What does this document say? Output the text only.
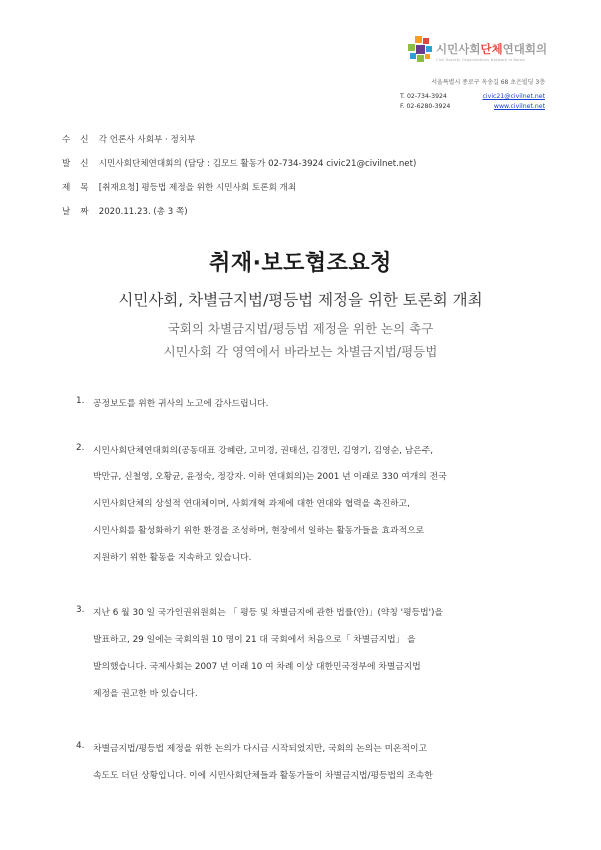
시민사회단체연대회의
Civil Society Organizations Network in Korea
서울특별시 종로구 옥송길 68 초은빌딩 3층
T. 02-734-3924
F. 02-6280-3924
civic21@civilnet.net
www.civilnet.net
수신 각 언론사 사회부 · 정치부
발신 시민사회단체연대회의 (담당 : 김모드 활동가 02-734-3924 civic21@civilnet.net)
제목 [취재요청] 평등법 제정을 위한 시민사회 토론회 개최
날짜 2020.11.23. (총 3 쪽)
취재·보도협조요청
시민사회, 차별금지법/평등법 제정을 위한 토론회 개최
국회의 차별금지법/평등법 제정을 위한 논의 촉구
시민사회 각 영역에서 바라보는 차별금지법/평등법
1. 공정보도를 위한 귀사의 노고에 감사드립니다.
2. 시민사회단체연대회의(공동대표 강혜란, 고미경, 권태선, 김경민, 김영기, 김영순, 남은주,
박만규, 신철영, 오황균, 윤정숙, 정강자. 이하 연대회의)는 2001 년 이래로 330 여개의 전국
시민사회단체의 상설적 연대체이며, 사회개혁 과제에 대한 연대와 협력을 촉진하고,
시민사회를 활성화하기 위한 환경을 조성하며, 현장에서 일하는 활동가들을 효과적으로
지원하기 위한 활동을 지속하고 있습니다.
3. 지난 6 월 30 일 국가인권위원회는 「 평등 및 차별금지에 관한 법률(안)」(약칭 '평등법')을
발표하고, 29 일에는 국회의원 10 명이 21 대 국회에서 처음으로「 차별금지법」 을
발의했습니다. 국제사회는 2007 년 이래 10 여 차례 이상 대한민국정부에 차별금지법
제정을 권고한 바 있습니다.
4. 차별금지법/평등법 제정을 위한 논의가 다시금 시작되었지만, 국회의 논의는 미온적이고
속도도 더딘 상황입니다. 이에 시민사회단체들과 활동가들이 차별금지법/평등법의 조속한
